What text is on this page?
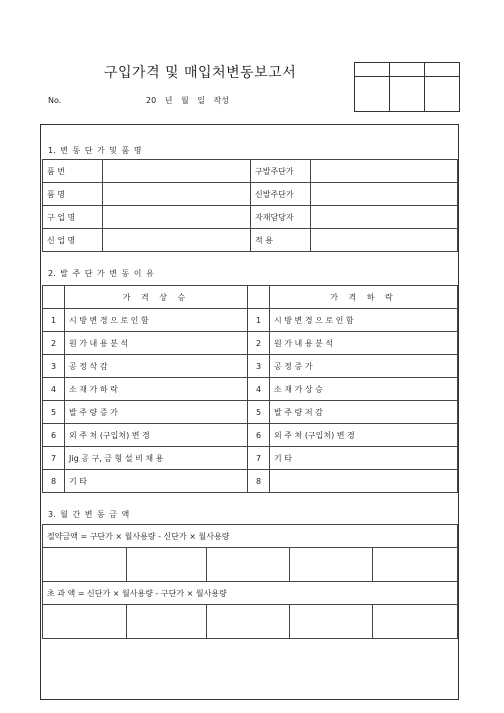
구입가격 및 매입처변동보고서
No.	20 년 월 일 작성

1. 변 동 단 가 및 품 명
품 번		구발주단가	
품 명		신발주단가	
구 업 명		자재담당자	
신 업 명		적 용	
2. 발 주 단 가 변 동 이 유
	가 격 상 승		가 격 하 락
1	시 방 변 경 으 로 인 함	1	시 방 변 경 으 로 인 함
2	원 가 내 용 분 석	2	원 가 내 용 분 석
3	공 정 삭 감	3	공 정 증 가
4	소 재 가 하 락	4	소 재 가 상 승
5	발 주 량 증 가	5	발 주 량 저 감
6	외 주 처 (구입처) 변 경	6	외 주 처 (구입처) 변 경
7	Jig 공 구, 금 형 설 비 채 용	7	기 타
8	기 타	8	
3. 월 간 변 동 금 액
절약금액 = 구단가 × 월사용량 - 신단가 × 월사용량				

초 과 액 = 신단가 × 월사용량 - 구단가 × 월사용량				
